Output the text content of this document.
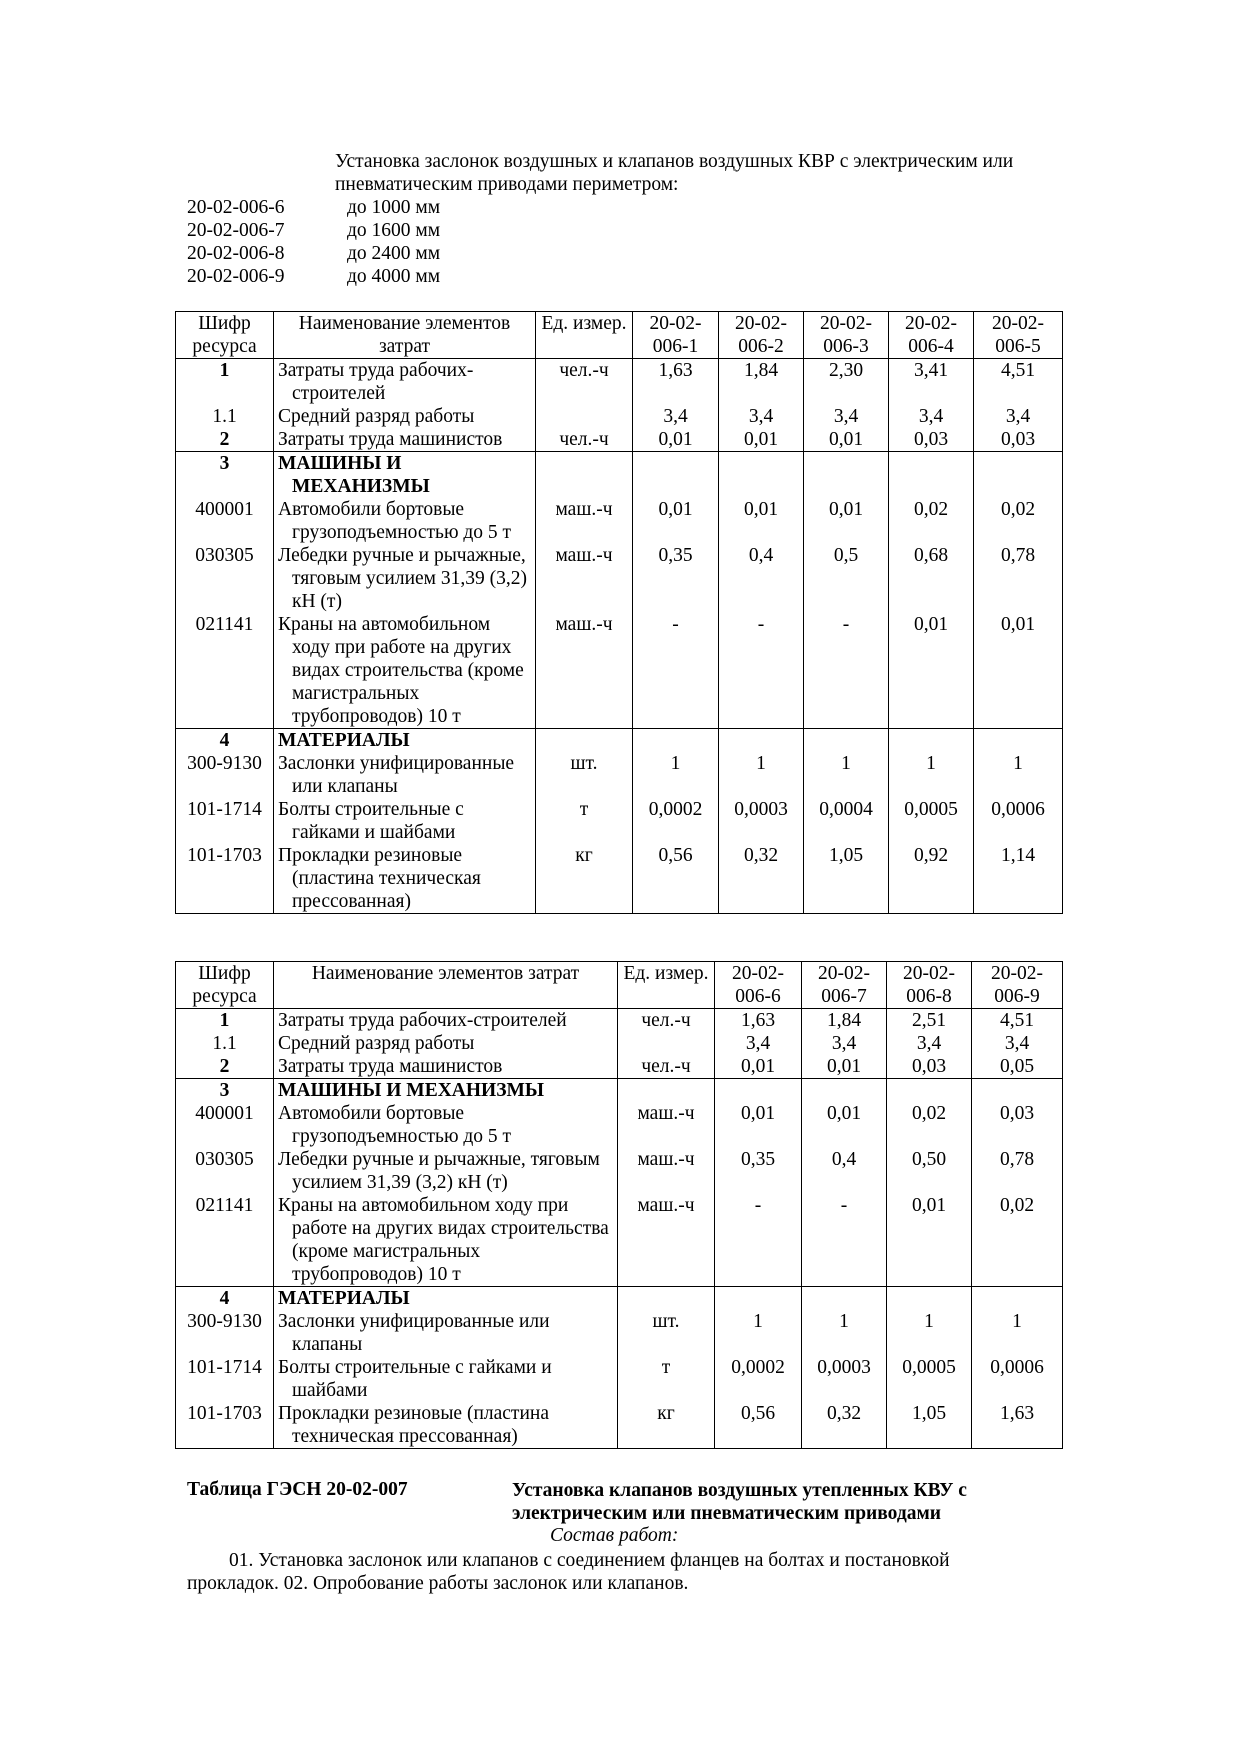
Установка заслонок воздушных и клапанов воздушных КВР с электрическим или пневматическим приводами периметром:
20-02-006-6	до 1000 мм
20-02-006-7	до 1600 мм
20-02-006-8	до 2400 мм
20-02-006-9	до 4000 мм
Шифр ресурса	Наименование элементов затрат	Ед. измер.	20-02-006-1	20-02-006-2	20-02-006-3	20-02-006-4	20-02-006-5
1	Затраты труда рабочих-строителей	чел.-ч	1,63	1,84	2,30	3,41	4,51
1.1	Средний разряд работы		3,4	3,4	3,4	3,4	3,4
2	Затраты труда машинистов	чел.-ч	0,01	0,01	0,01	0,03	0,03
3	МАШИНЫ И МЕХАНИЗМЫ						

400001	Автомобили бортовые грузоподъемностью до 5 т	маш.-ч	0,01	0,01	0,01	0,02	0,02
030305	Лебедки ручные и рычажные, тяговым усилием 31,39 (3,2) кН (т)	маш.-ч	0,35	0,4	0,5	0,68	0,78
021141	Краны на автомобильном ходу при работе на других видах строительства (кроме магистральных трубопроводов) 10 т	маш.-ч	-	-	-	0,01	0,01
4	МАТЕРИАЛЫ						

300-9130	Заслонки унифицированные или клапаны	шт.	1	1	1	1	1
101-1714	Болты строительные с гайками и шайбами	т	0,0002	0,0003	0,0004	0,0005	0,0006
101-1703	Прокладки резиновые (пластина техническая прессованная)	кг	0,56	0,32	1,05	0,92	1,14
Шифр ресурса	Наименование элементов затрат	Ед. измер.	20-02-006-6	20-02-006-7	20-02-006-8	20-02-006-9
1	Затраты труда рабочих-строителей	чел.-ч	1,63	1,84	2,51	4,51
1.1	Средний разряд работы		3,4	3,4	3,4	3,4
2	Затраты труда машинистов	чел.-ч	0,01	0,01	0,03	0,05
3	МАШИНЫ И МЕХАНИЗМЫ					

400001	Автомобили бортовые грузоподъемностью до 5 т	маш.-ч	0,01	0,01	0,02	0,03
030305	Лебедки ручные и рычажные, тяговым усилием 31,39 (3,2) кН (т)	маш.-ч	0,35	0,4	0,50	0,78
021141	Краны на автомобильном ходу при работе на других видах строительства (кроме магистральных трубопроводов) 10 т	маш.-ч	-	-	0,01	0,02
4	МАТЕРИАЛЫ					

300-9130	Заслонки унифицированные или клапаны	шт.	1	1	1	1
101-1714	Болты строительные с гайками и шайбами	т	0,0002	0,0003	0,0005	0,0006
101-1703	Прокладки резиновые (пластина техническая прессованная)	кг	0,56	0,32	1,05	1,63
Таблица ГЭСН 20-02-007	Установка клапанов воздушных утепленных КВУ с электрическим или пневматическим приводами
Состав работ:
01. Установка заслонок или клапанов с соединением фланцев на болтах и постановкой прокладок. 02. Опробование работы заслонок или клапанов.
